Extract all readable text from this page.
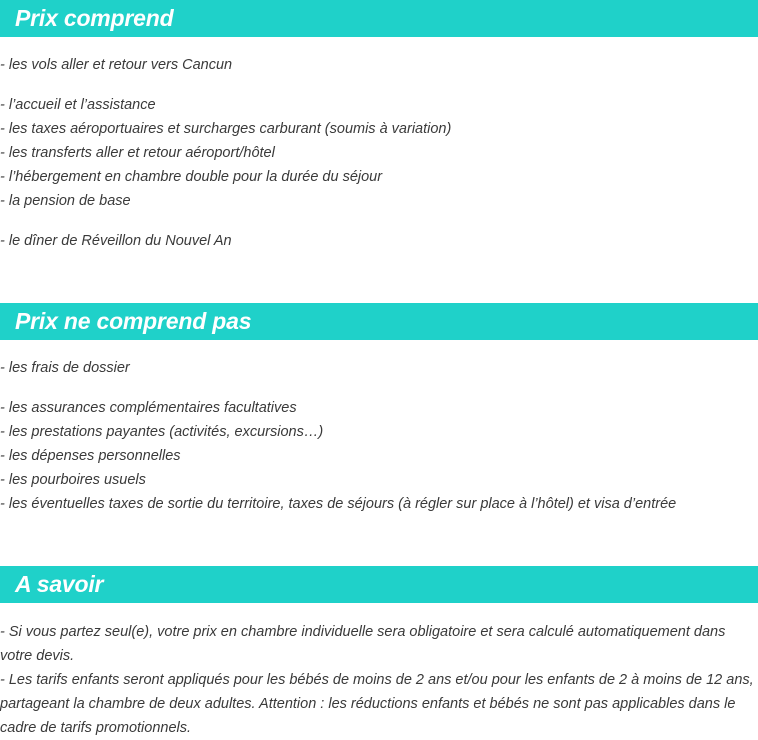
Prix comprend
- les vols aller et retour vers Cancun
- l’accueil et l’assistance
- les taxes aéroportuaires et surcharges carburant (soumis à variation)
- les transferts aller et retour aéroport/hôtel
- l’hébergement en chambre double pour la durée du séjour
- la pension de base
- le dîner de Réveillon du Nouvel An
Prix ne comprend pas
- les frais de dossier
- les assurances complémentaires facultatives
- les prestations payantes (activités, excursions…)
- les dépenses personnelles
- les pourboires usuels
- les éventuelles taxes de sortie du territoire, taxes de séjours (à régler sur place à l’hôtel) et visa d’entrée
A savoir
- Si vous partez seul(e), votre prix en chambre individuelle sera obligatoire et sera calculé automatiquement dans votre devis.
- Les tarifs enfants seront appliqués pour les bébés de moins de 2 ans et/ou pour les enfants de 2 à moins de 12 ans, partageant la chambre de deux adultes. Attention : les réductions enfants et bébés ne sont pas applicables dans le cadre de tarifs promotionnels.
